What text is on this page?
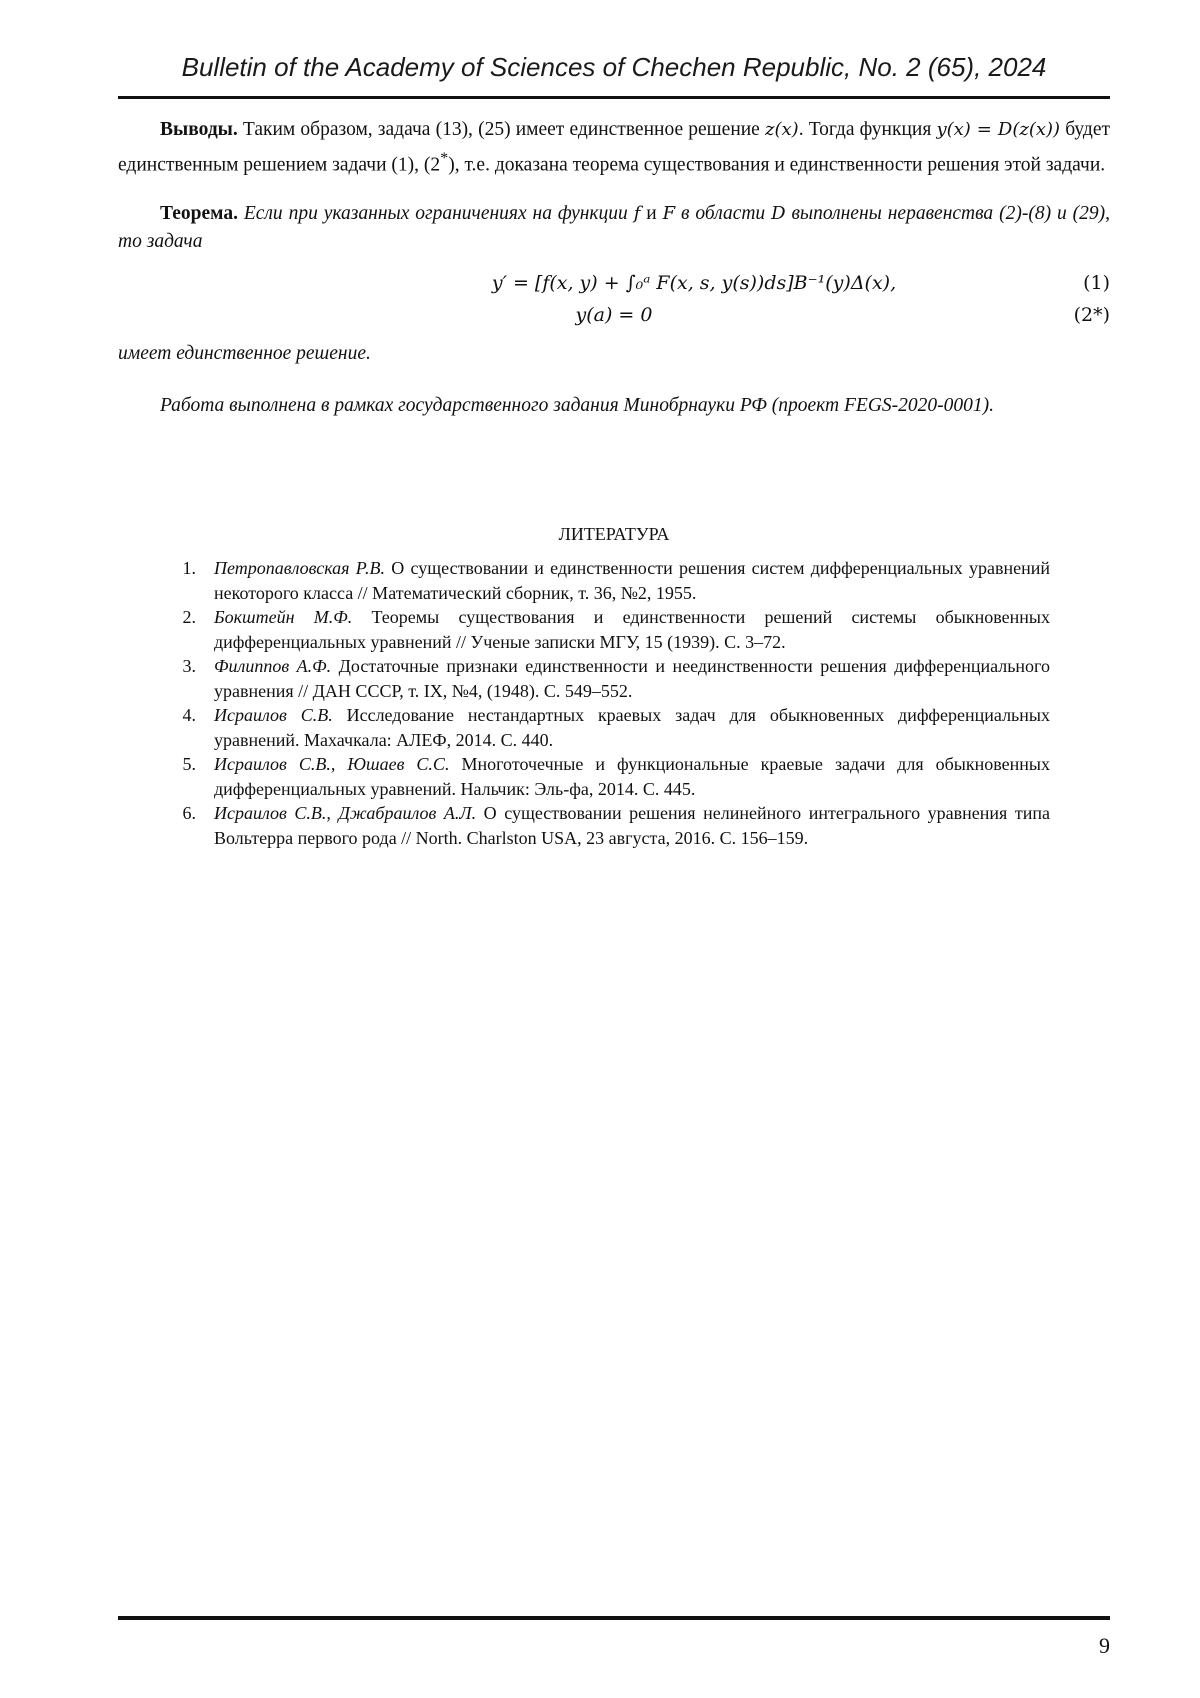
Bulletin of the Academy of Sciences of Chechen Republic, No. 2 (65), 2024

Выводы. Таким образом, задача (13), (25) имеет единственное решение z(x). Тогда функция y(x) = D(z(x)) будет единственным решением задачи (1), (2*), т.е. доказана теорема существования и единственности решения этой задачи.

Теорема. Если при указанных ограничениях на функции f и F в области D выполнены неравенства (2)-(8) и (29), то задача

y′ = [f(x, y) + ∫₀ᵃ F(x, s, y(s))ds]B⁻¹(y)Δ(x),	(1)
y(a) = 0	(2*)

имеет единственное решение.

Работа выполнена в рамках государственного задания Минобрнауки РФ (проект FEGS-2020-0001).

ЛИТЕРАТУРА
1. Петропавловская Р.В. О существовании и единственности решения систем дифференциальных уравнений некоторого класса // Математический сборник, т. 36, №2, 1955.
2. Бокштейн М.Ф. Теоремы существования и единственности решений системы обыкновенных дифференциальных уравнений // Ученые записки МГУ, 15 (1939). С. 3–72.
3. Филиппов А.Ф. Достаточные признаки единственности и неединственности решения дифференциального уравнения // ДАН СССР, т. IX, №4, (1948). С. 549–552.
4. Исраилов С.В. Исследование нестандартных краевых задач для обыкновенных дифференциальных уравнений. Махачкала: АЛЕФ, 2014. С. 440.
5. Исраилов С.В., Юшаев С.С. Многоточечные и функциональные краевые задачи для обыкновенных дифференциальных уравнений. Нальчик: Эль-фа, 2014. С. 445.
6. Исраилов С.В., Джабраилов А.Л. О существовании решения нелинейного интегрального уравнения типа Вольтерра первого рода // North. Charlston USA, 23 августа, 2016. С. 156–159.
9
